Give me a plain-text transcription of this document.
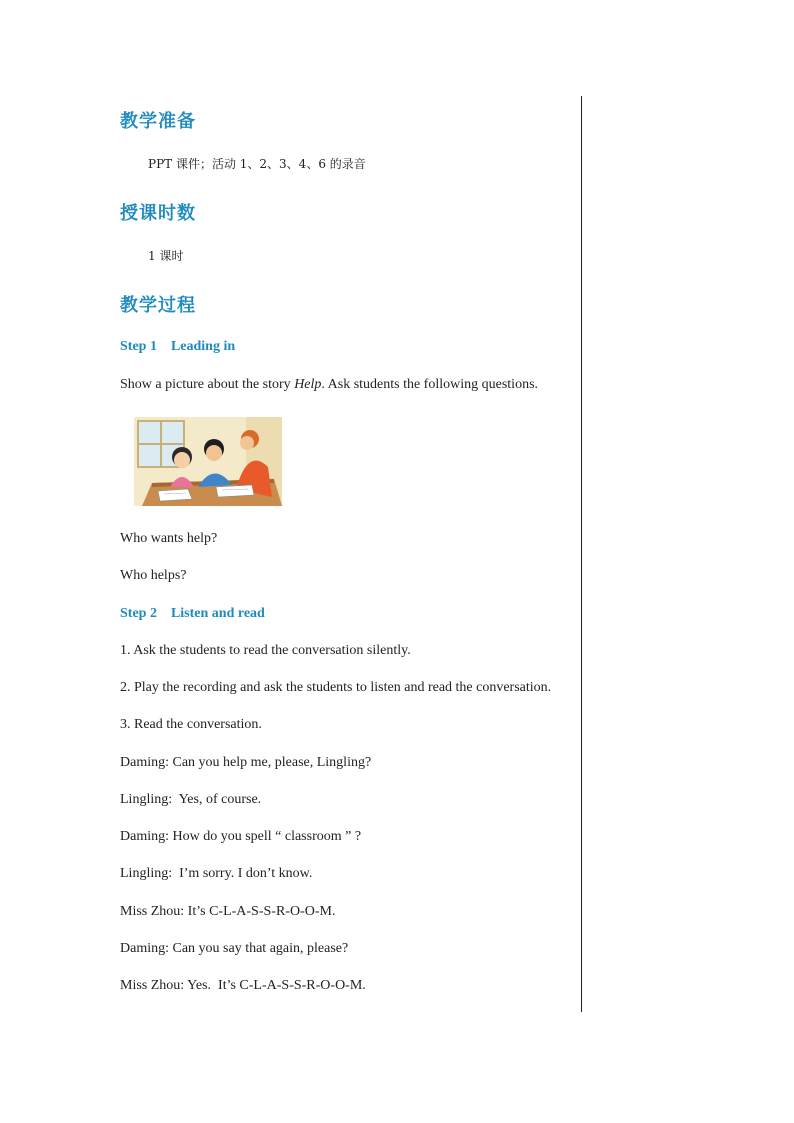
教学准备
PPT 课件；活动 1、2、3、4、6 的录音
授课时数
1 课时
教学过程
Step 1    Leading in
Show a picture about the story Help. Ask students the following questions.
Who wants help?
Who helps?
Step 2    Listen and read
1. Ask the students to read the conversation silently.
2. Play the recording and ask the students to listen and read the conversation.
3. Read the conversation.
Daming: Can you help me, please, Lingling?
Lingling:  Yes, of course.
Daming: How do you spell “ classroom ” ?
Lingling:  I’m sorry. I don’t know.
Miss Zhou: It’s C-L-A-S-S-R-O-O-M.
Daming: Can you say that again, please?
Miss Zhou: Yes.  It’s C-L-A-S-S-R-O-O-M.
